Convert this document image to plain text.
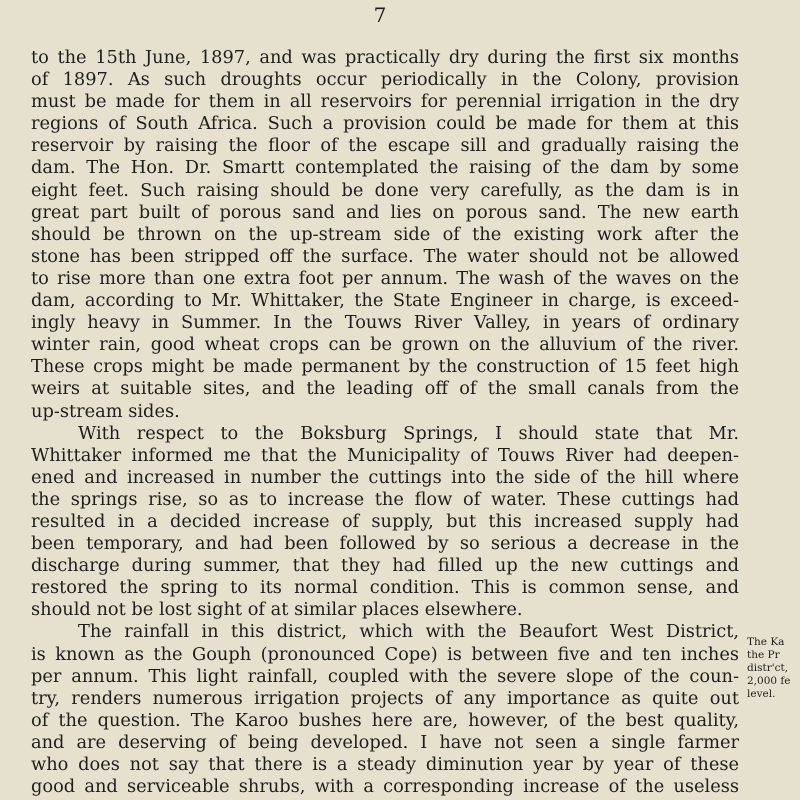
7
to the 15th June, 1897, and was practically dry during the first six months
of 1897. As such droughts occur periodically in the Colony, provision
must be made for them in all reservoirs for perennial irrigation in the dry
regions of South Africa. Such a provision could be made for them at this
reservoir by raising the floor of the escape sill and gradually raising the
dam. The Hon. Dr. Smartt contemplated the raising of the dam by some
eight feet. Such raising should be done very carefully, as the dam is in
great part built of porous sand and lies on porous sand. The new earth
should be thrown on the up-stream side of the existing work after the
stone has been stripped off the surface. The water should not be allowed
to rise more than one extra foot per annum. The wash of the waves on the
dam, according to Mr. Whittaker, the State Engineer in charge, is exceed-
ingly heavy in Summer. In the Touws River Valley, in years of ordinary
winter rain, good wheat crops can be grown on the alluvium of the river.
These crops might be made permanent by the construction of 15 feet high
weirs at suitable sites, and the leading off of the small canals from the
up-stream sides.
With respect to the Boksburg Springs, I should state that Mr.
Whittaker informed me that the Municipality of Touws River had deepen-
ened and increased in number the cuttings into the side of the hill where
the springs rise, so as to increase the flow of water. These cuttings had
resulted in a decided increase of supply, but this increased supply had
been temporary, and had been followed by so serious a decrease in the
discharge during summer, that they had filled up the new cuttings and
restored the spring to its normal condition. This is common sense, and
should not be lost sight of at similar places elsewhere.
The rainfall in this district, which with the Beaufort West District,
is known as the Gouph (pronounced Cope) is between five and ten inches
per annum. This light rainfall, coupled with the severe slope of the coun-
try, renders numerous irrigation projects of any importance as quite out
of the question. The Karoo bushes here are, however, of the best quality,
and are deserving of being developed. I have not seen a single farmer
who does not say that there is a steady diminution year by year of these
good and serviceable shrubs, with a corresponding increase of the useless
The Ka
the Pr
distr'ct,
2,000 fe
level.
